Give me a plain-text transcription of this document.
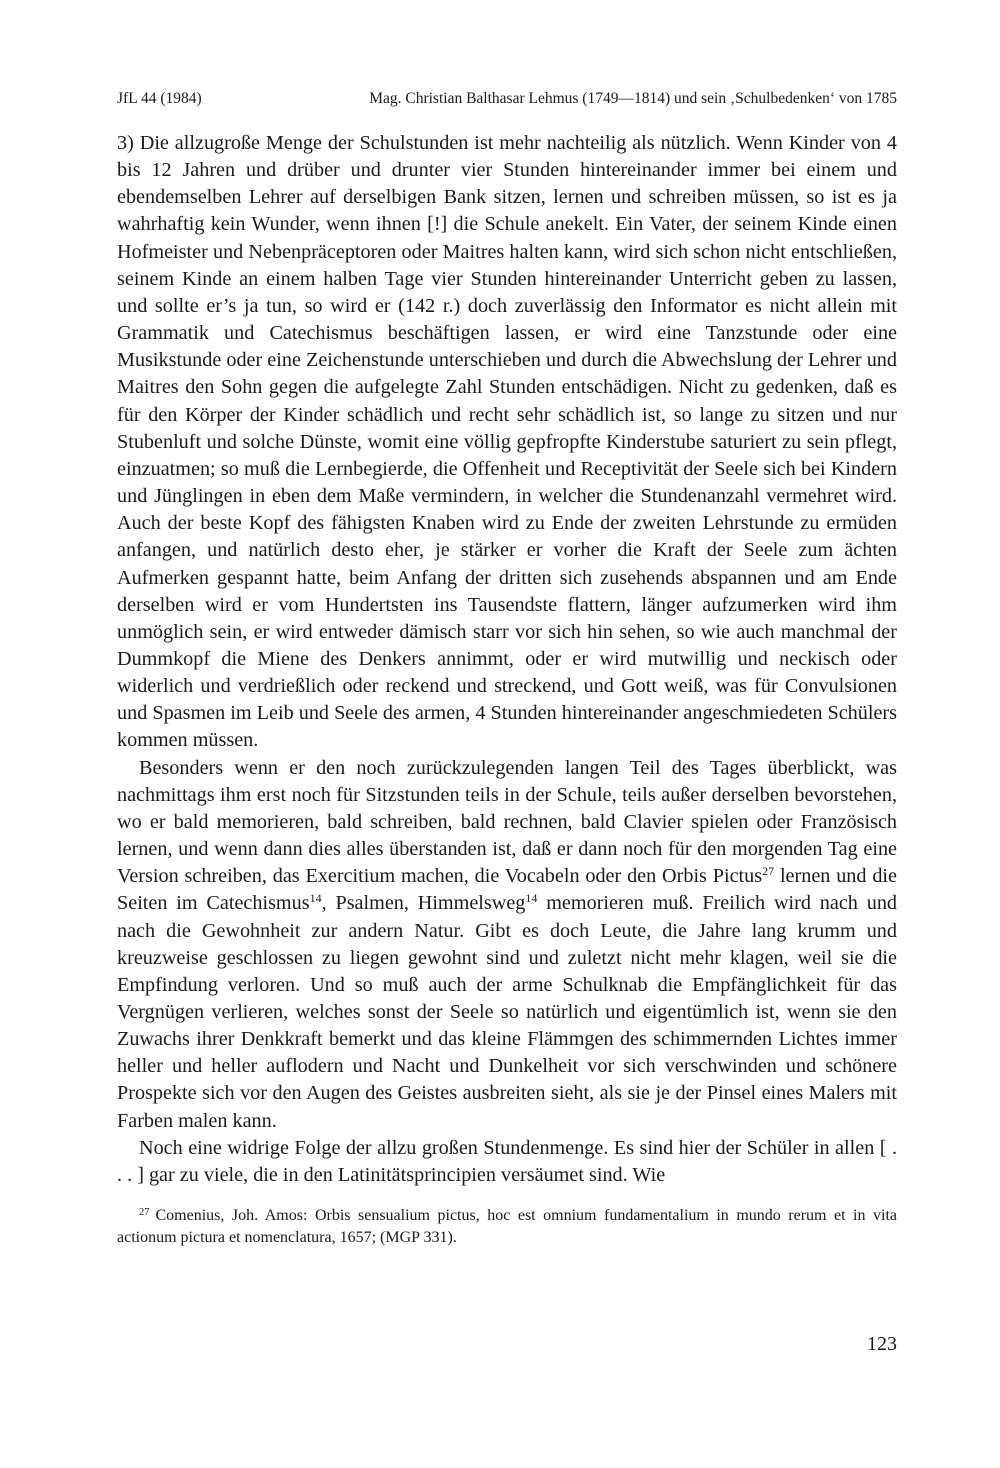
JfL 44 (1984)	Mag. Christian Balthasar Lehmus (1749—1814) und sein ‚Schulbedenken‘ von 1785

3) Die allzugroße Menge der Schulstunden ist mehr nachteilig als nützlich. Wenn Kinder von 4 bis 12 Jahren und drüber und drunter vier Stunden hintereinander immer bei einem und ebendemselben Lehrer auf derselbigen Bank sitzen, lernen und schreiben müssen, so ist es ja wahrhaftig kein Wunder, wenn ihnen [!] die Schule anekelt. Ein Vater, der seinem Kinde einen Hofmeister und Nebenpräceptoren oder Maitres halten kann, wird sich schon nicht entschließen, seinem Kinde an einem halben Tage vier Stunden hintereinander Unterricht geben zu lassen, und sollte er’s ja tun, so wird er (142 r.) doch zuverlässig den Informator es nicht allein mit Grammatik und Catechismus beschäftigen lassen, er wird eine Tanzstunde oder eine Musikstunde oder eine Zeichenstunde unterschieben und durch die Abwechslung der Lehrer und Maitres den Sohn gegen die aufgelegte Zahl Stunden entschädigen. Nicht zu gedenken, daß es für den Körper der Kinder schädlich und recht sehr schädlich ist, so lange zu sitzen und nur Stubenluft und solche Dünste, womit eine völlig gepfropfte Kinderstube saturiert zu sein pflegt, einzuatmen; so muß die Lernbegierde, die Offenheit und Receptivität der Seele sich bei Kindern und Jünglingen in eben dem Maße vermindern, in welcher die Stundenanzahl vermehret wird. Auch der beste Kopf des fähigsten Knaben wird zu Ende der zweiten Lehrstunde zu ermüden anfangen, und natürlich desto eher, je stärker er vorher die Kraft der Seele zum ächten Aufmerken gespannt hatte, beim Anfang der dritten sich zusehends abspannen und am Ende derselben wird er vom Hundertsten ins Tausendste flattern, länger aufzumerken wird ihm unmöglich sein, er wird entweder dämisch starr vor sich hin sehen, so wie auch manchmal der Dummkopf die Miene des Denkers annimmt, oder er wird mutwillig und neckisch oder widerlich und verdrießlich oder reckend und streckend, und Gott weiß, was für Convulsionen und Spasmen im Leib und Seele des armen, 4 Stunden hintereinander angeschmiedeten Schülers kommen müssen.

Besonders wenn er den noch zurückzulegenden langen Teil des Tages überblickt, was nachmittags ihm erst noch für Sitzstunden teils in der Schule, teils außer derselben bevorstehen, wo er bald memorieren, bald schreiben, bald rechnen, bald Clavier spielen oder Französisch lernen, und wenn dann dies alles überstanden ist, daß er dann noch für den morgenden Tag eine Version schreiben, das Exercitium machen, die Vocabeln oder den Orbis Pictus$^{27}$ lernen und die Seiten im Catechismus$^{14}$, Psalmen, Himmelsweg$^{14}$ memorieren muß. Freilich wird nach und nach die Gewohnheit zur andern Natur. Gibt es doch Leute, die Jahre lang krumm und kreuzweise geschlossen zu liegen gewohnt sind und zuletzt nicht mehr klagen, weil sie die Empfindung verloren. Und so muß auch der arme Schulknab die Empfänglichkeit für das Vergnügen verlieren, welches sonst der Seele so natürlich und eigentümlich ist, wenn sie den Zuwachs ihrer Denkkraft bemerkt und das kleine Flämmgen des schimmernden Lichtes immer heller und heller auflodern und Nacht und Dunkelheit vor sich verschwinden und schönere Prospekte sich vor den Augen des Geistes ausbreiten sieht, als sie je der Pinsel eines Malers mit Farben malen kann.

Noch eine widrige Folge der allzu großen Stundenmenge. Es sind hier der Schüler in allen [ . . . ] gar zu viele, die in den Latinitätsprincipien versäumet sind. Wie

$^{27}$ Comenius, Joh. Amos: Orbis sensualium pictus, hoc est omnium fundamentalium in mundo rerum et in vita actionum pictura et nomenclatura, 1657; (MGP 331).

123
